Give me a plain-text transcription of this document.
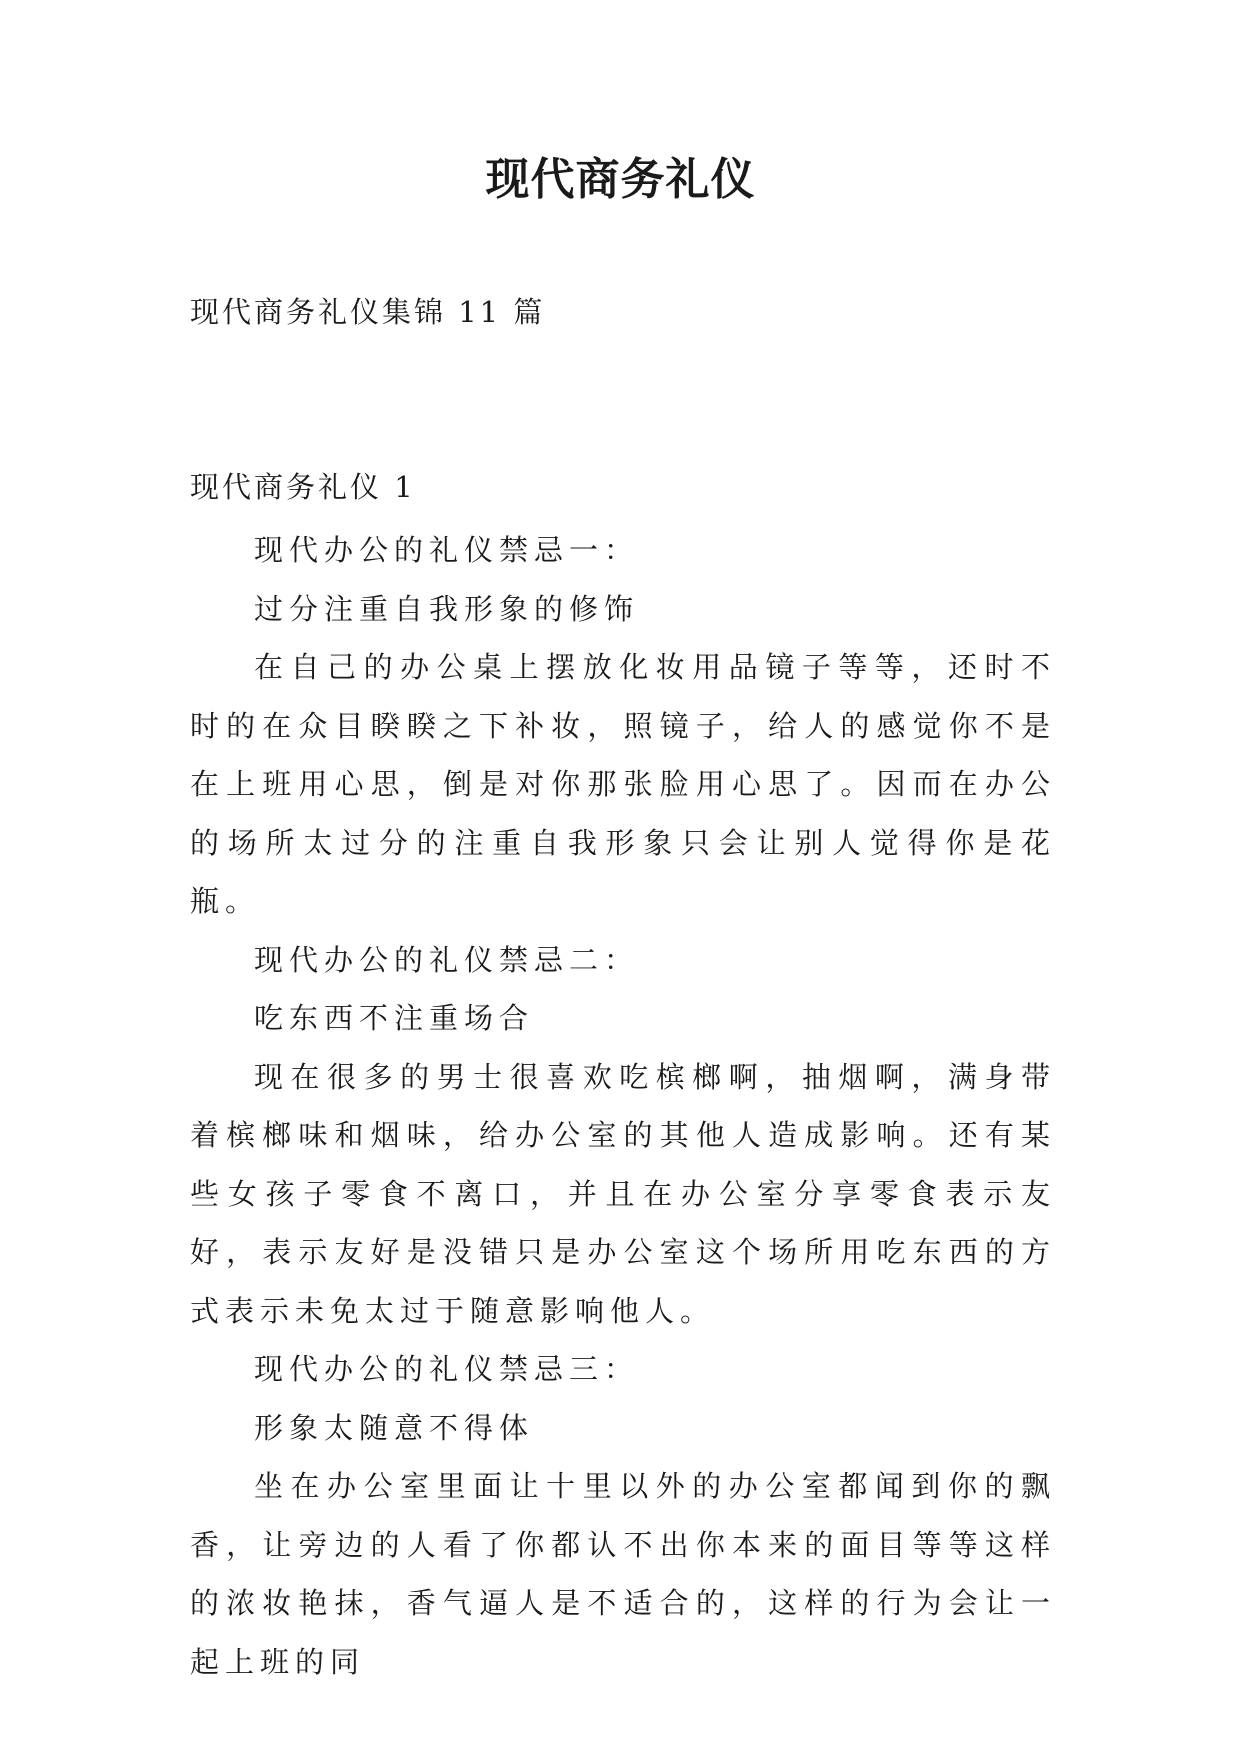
现代商务礼仪
现代商务礼仪集锦 11 篇
现代商务礼仪 1

现代办公的礼仪禁忌一：

过分注重自我形象的修饰

在自己的办公桌上摆放化妆用品镜子等等，还时不时的在众目睽睽之下补妆，照镜子，给人的感觉你不是在上班用心思，倒是对你那张脸用心思了。因而在办公的场所太过分的注重自我形象只会让别人觉得你是花瓶。

现代办公的礼仪禁忌二：

吃东西不注重场合

现在很多的男士很喜欢吃槟榔啊，抽烟啊，满身带着槟榔味和烟味，给办公室的其他人造成影响。还有某些女孩子零食不离口，并且在办公室分享零食表示友好，表示友好是没错只是办公室这个场所用吃东西的方式表示未免太过于随意影响他人。

现代办公的礼仪禁忌三：

形象太随意不得体

坐在办公室里面让十里以外的办公室都闻到你的飘香，让旁边的人看了你都认不出你本来的面目等等这样的浓妆艳抹，香气逼人是不适合的，这样的行为会让一起上班的同
